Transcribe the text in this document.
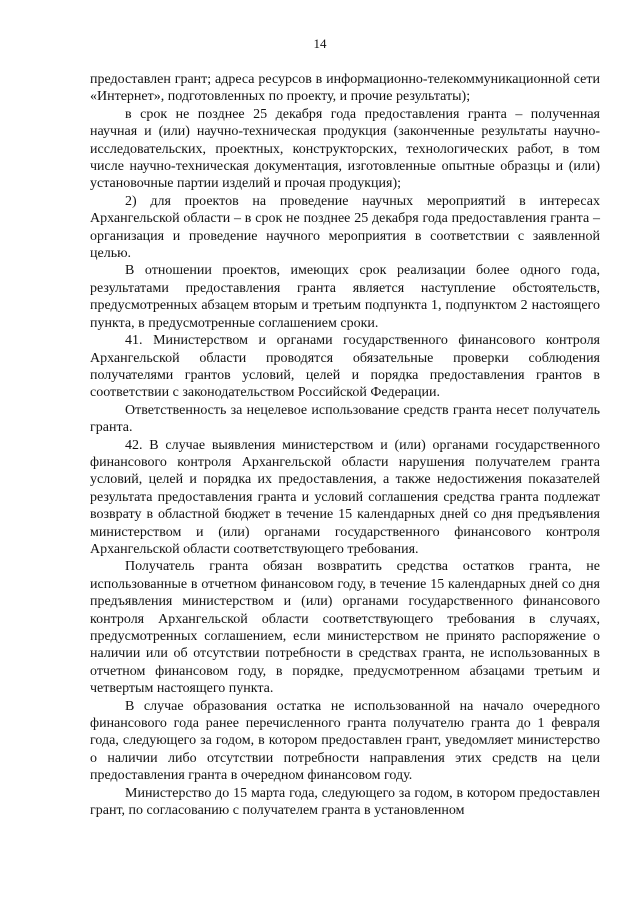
14

предоставлен грант; адреса ресурсов в информационно-телекоммуникационной сети «Интернет», подготовленных по проекту, и прочие результаты);

в срок не позднее 25 декабря года предоставления гранта – полученная научная и (или) научно-техническая продукция (законченные результаты научно-исследовательских, проектных, конструкторских, технологических работ, в том числе научно-техническая документация, изготовленные опытные образцы и (или) установочные партии изделий и прочая продукция);

2) для проектов на проведение научных мероприятий в интересах Архангельской области – в срок не позднее 25 декабря года предоставления гранта – организация и проведение научного мероприятия в соответствии с заявленной целью.

В отношении проектов, имеющих срок реализации более одного года, результатами предоставления гранта является наступление обстоятельств, предусмотренных абзацем вторым и третьим подпункта 1, подпунктом 2 настоящего пункта, в предусмотренные соглашением сроки.

41. Министерством и органами государственного финансового контроля Архангельской области проводятся обязательные проверки соблюдения получателями грантов условий, целей и порядка предоставления грантов в соответствии с законодательством Российской Федерации.

Ответственность за нецелевое использование средств гранта несет получатель гранта.

42. В случае выявления министерством и (или) органами государственного финансового контроля Архангельской области нарушения получателем гранта условий, целей и порядка их предоставления, а также недостижения показателей результата предоставления гранта и условий соглашения средства гранта подлежат возврату в областной бюджет в течение 15 календарных дней со дня предъявления министерством и (или) органами государственного финансового контроля Архангельской области соответствующего требования.

Получатель гранта обязан возвратить средства остатков гранта, не использованные в отчетном финансовом году, в течение 15 календарных дней со дня предъявления министерством и (или) органами государственного финансового контроля Архангельской области соответствующего требования в случаях, предусмотренных соглашением, если министерством не принято распоряжение о наличии или об отсутствии потребности в средствах гранта, не использованных в отчетном финансовом году, в порядке, предусмотренном абзацами третьим и четвертым настоящего пункта.

В случае образования остатка не использованной на начало очередного финансового года ранее перечисленного гранта получателю гранта до 1 февраля года, следующего за годом, в котором предоставлен грант, уведомляет министерство о наличии либо отсутствии потребности направления этих средств на цели предоставления гранта в очередном финансовом году.

Министерство до 15 марта года, следующего за годом, в котором предоставлен грант, по согласованию с получателем гранта в установленном
